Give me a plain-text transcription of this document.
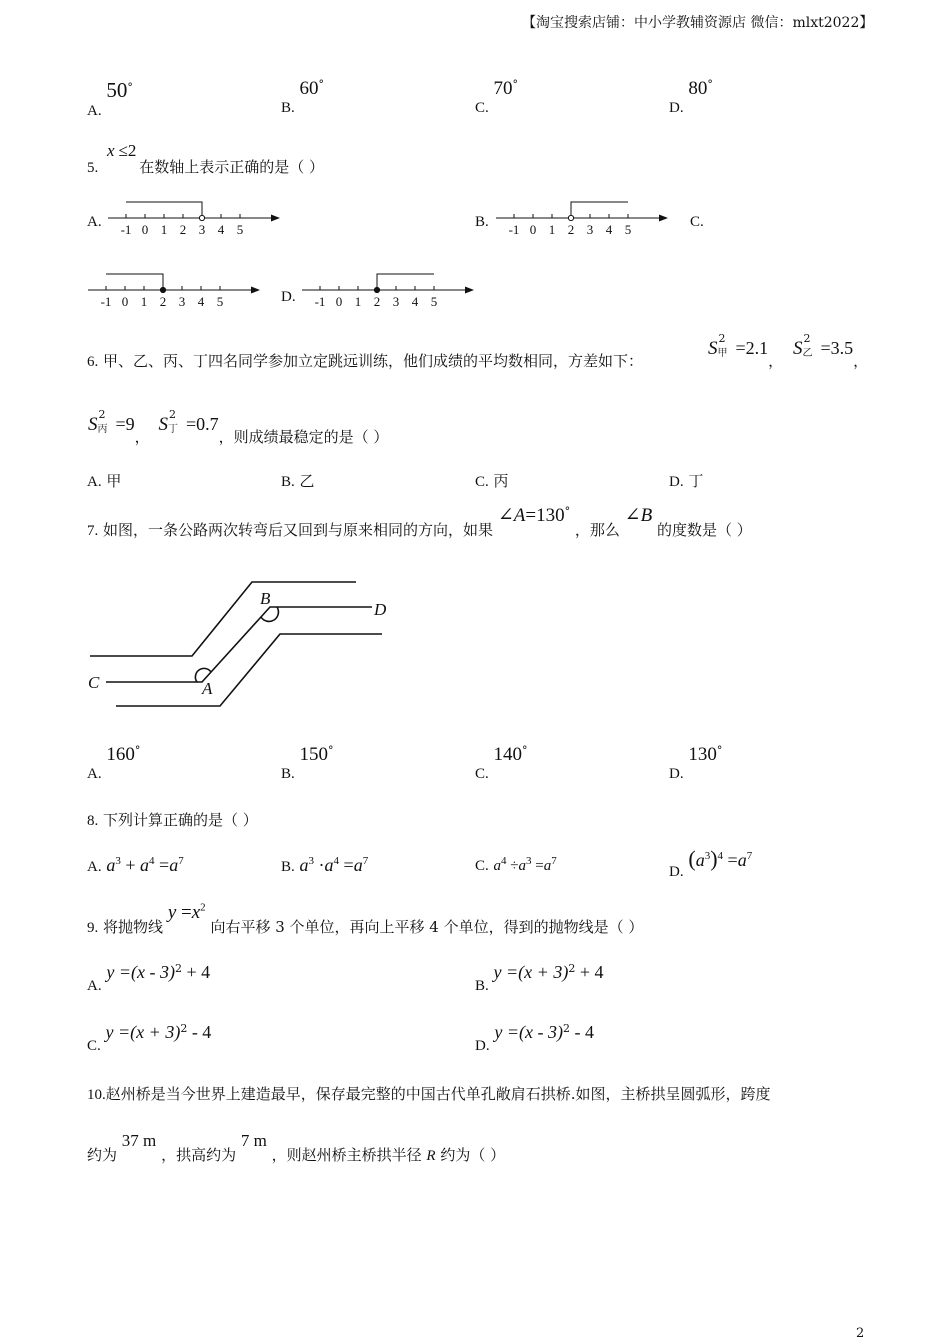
【淘宝搜索店铺：中小学教辅资源店 微信：mlxt2022】
A. 50°
B. 60°
C. 70°
D. 80°
5. x ≤2 在数轴上表示正确的是（ ）
A. -1 0 1 2 3 4 5	B. -1 0 1 2 3 4 5	C.
-1 0 1 2 3 4 5	D. -1 0 1 2 3 4 5
6. 甲、乙、丙、丁四名同学参加立定跳远训练，他们成绩的平均数相同，方差如下：
S 2
甲 =2.1，
S 2
乙 =3.5，
S 2
丙 =9， S 2
丁 =0.7，则成绩最稳定的是（ ）
A. 甲	B. 乙	C. 丙	D. 丁
7. 如图，一条公路两次转弯后又回到与原来相同的方向，如果 ∠A=130° ，那么 ∠B 的度数是（ ）
B
D
C	A
A. 160°
B. 150°
C. 140°
D. 130°
8. 下列计算正确的是（ ）
A. $a^3 + a^4 =a^7$	B. $a^3 \cdot a^4 =a^7$	C. $a^4 \div a^3 =a^7$
D. $(a^3)^4 =a^7$
9. 将抛物线 $y =x^2$ 向右平移 3 个单位，再向上平移 4 个单位，得到的抛物线是（ ）
A. y =(x - 3)$^2$ + 4
B. $y =(x + 3)^2 + 4$
C. $y =(x + 3)^2 - 4$
D. y =(x - 3)$^2$ - 4
10.赵州桥是当今世界上建造最早，保存最完整的中国古代单孔敞肩石拱桥.如图，主桥拱呈圆弧形，跨度
约为 37 m ，拱高约为 7 m ，则赵州桥主桥拱半径 R 约为（ ）
2
